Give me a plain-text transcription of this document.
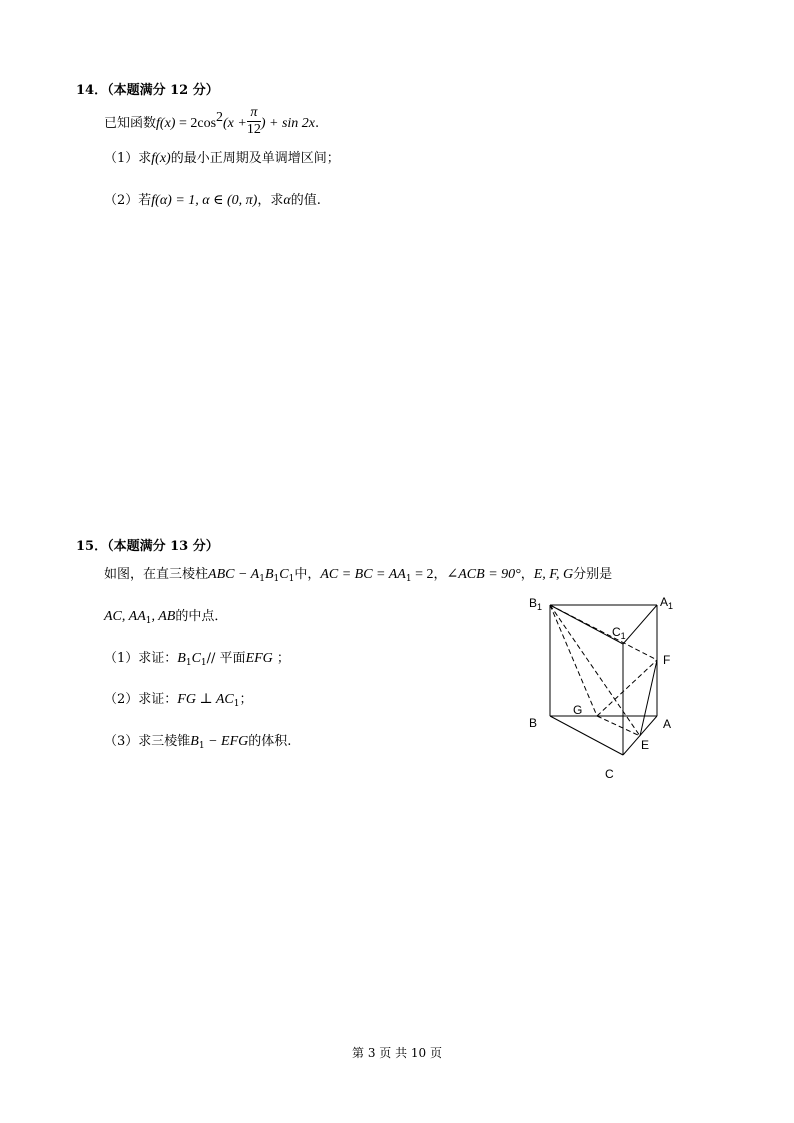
14．（本题满分 12 分）
已知函数$f(x) = 2\cos^2(x + \frac{\pi}{12}$ ) + sin 2x.
（1）求f(x)的最小正周期及单调增区间；
（2）若f(α) = 1, α ∈ (0, π)，求α的值.
15．（本题满分 13 分）
如图，在直三棱柱ABC − $A_1B_1C_1$中，AC = BC = $AA_1 = 2$，∠ACB = 90°，E, F, G分别是
AC, $AA_1$, AB的中点．
（1）求证：$B_1C_1//$ 平面EFG ；
（2）求证：FG ⊥ $AC_1$；
（3）求三棱锥$B_1$ − EFG的体积.
$B_1$	$A_1$
$C_1$
F
B
G
A
E
C
第 3 页 共 10 页
